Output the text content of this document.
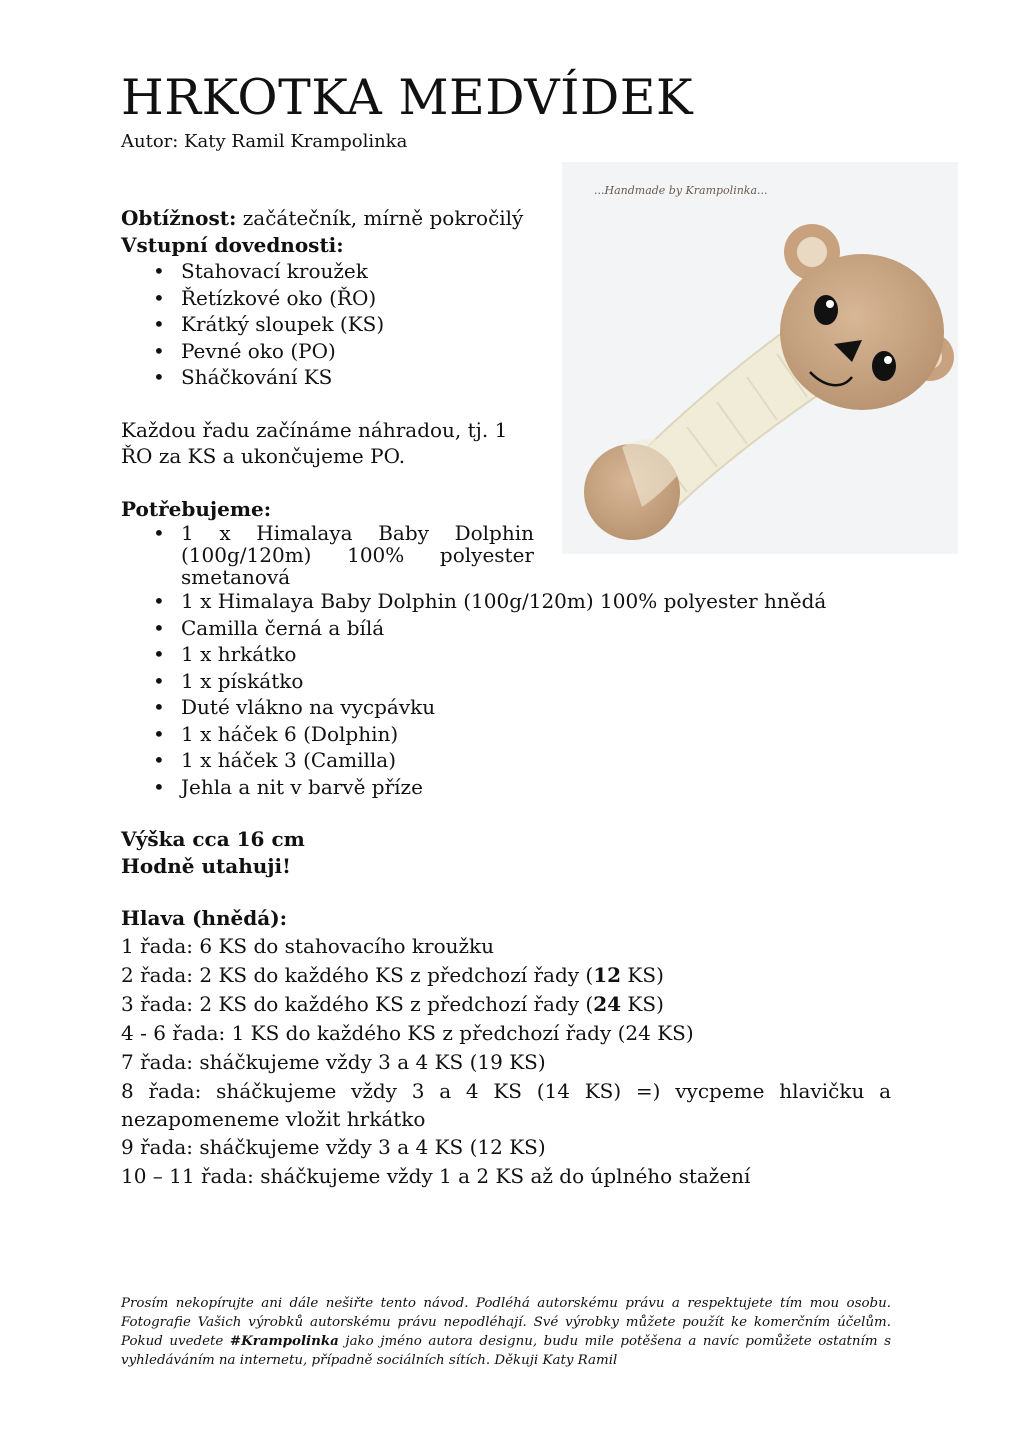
HRKOTKA MEDVÍDEK
Autor: Katy Ramil Krampolinka
...Handmade by Krampolinka...
Obtížnost: začátečník, mírně pokročilý
Vstupní dovednosti:
• Stahovací kroužek
• Řetízkové oko (ŘO)
• Krátký sloupek (KS)
• Pevné oko (PO)
• Sháčkování KS
Každou řadu začínáme náhradou, tj. 1 ŘO za KS a ukončujeme PO.
Potřebujeme:
• 1 x Himalaya Baby Dolphin (100g/120m) 100% polyester smetanová
• 1 x Himalaya Baby Dolphin (100g/120m) 100% polyester hnědá
• Camilla černá a bílá
• 1 x hrkátko
• 1 x pískátko
• Duté vlákno na vycpávku
• 1 x háček 6 (Dolphin)
• 1 x háček 3 (Camilla)
• Jehla a nit v barvě příze
Výška cca 16 cm
Hodně utahuji!
Hlava (hnědá):
1 řada: 6 KS do stahovacího kroužku
2 řada: 2 KS do každého KS z předchozí řady (12 KS)
3 řada: 2 KS do každého KS z předchozí řady (24 KS)
4 - 6 řada: 1 KS do každého KS z předchozí řady (24 KS)
7 řada: sháčkujeme vždy 3 a 4 KS (19 KS)
8 řada: sháčkujeme vždy 3 a 4 KS (14 KS) =) vycpeme hlavičku a nezapomeneme vložit hrkátko
9 řada: sháčkujeme vždy 3 a 4 KS (12 KS)
10 – 11 řada: sháčkujeme vždy 1 a 2 KS až do úplného stažení
Prosím nekopírujte ani dále nešiřte tento návod. Podléhá autorskému právu a respektujete tím mou osobu. Fotografie Vašich výrobků autorskému právu nepodléhají. Své výrobky můžete použít ke komerčním účelům. Pokud uvedete #Krampolinka jako jméno autora designu, budu mile potěšena a navíc pomůžete ostatním s vyhledáváním na internetu, případně sociálních sítích. Děkuji Katy Ramil
